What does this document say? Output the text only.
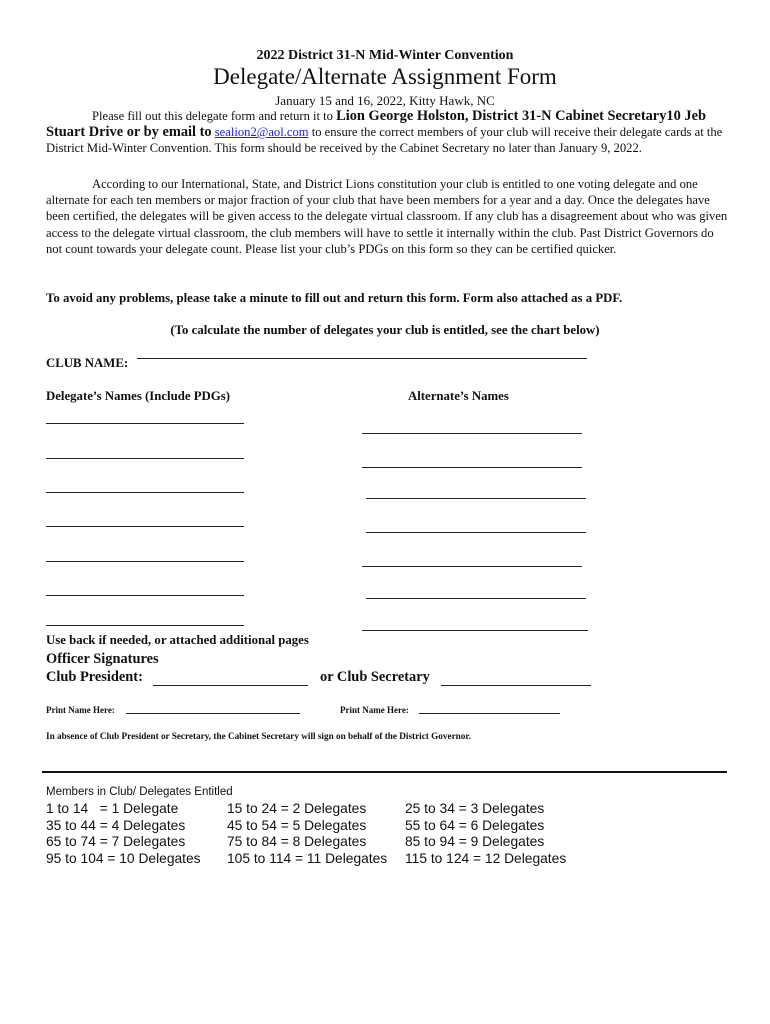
2022 District 31-N Mid-Winter Convention
Delegate/Alternate Assignment Form
January 15 and 16, 2022, Kitty Hawk, NC
Please fill out this delegate form and return it to Lion George Holston, District 31-N Cabinet Secretary10 Jeb Stuart Drive or by email to sealion2@aol.com to ensure the correct members of your club will receive their delegate cards at the District Mid-Winter Convention. This form should be received by the Cabinet Secretary no later than January 9, 2022.
According to our International, State, and District Lions constitution your club is entitled to one voting delegate and one alternate for each ten members or major fraction of your club that have been members for a year and a day. Once the delegates have been certified, the delegates will be given access to the delegate virtual classroom. If any club has a disagreement about who was given access to the delegate virtual classroom, the club members will have to settle it internally within the club. Past District Governors do not count towards your delegate count. Please list your club’s PDGs on this form so they can be certified quicker.
To avoid any problems, please take a minute to fill out and return this form. Form also attached as a PDF.
(To calculate the number of delegates your club is entitled, see the chart below)
CLUB NAME:
Delegate’s Names (Include PDGs)	Alternate’s Names
Use back if needed, or attached additional pages
Officer Signatures
Club President:	or Club Secretary
Print Name Here:	Print Name Here:
In absence of Club President or Secretary, the Cabinet Secretary will sign on behalf of the District Governor.
Members in Club/ Delegates Entitled
1 to 14   = 1 Delegate	15 to 24 = 2 Delegates	25 to 34 = 3 Delegates
35 to 44 = 4 Delegates	45 to 54 = 5 Delegates	55 to 64 = 6 Delegates
65 to 74 = 7 Delegates	75 to 84 = 8 Delegates	85 to 94 = 9 Delegates
95 to 104 = 10 Delegates 105 to 114 = 11 Delegates 115 to 124 = 12 Delegates
